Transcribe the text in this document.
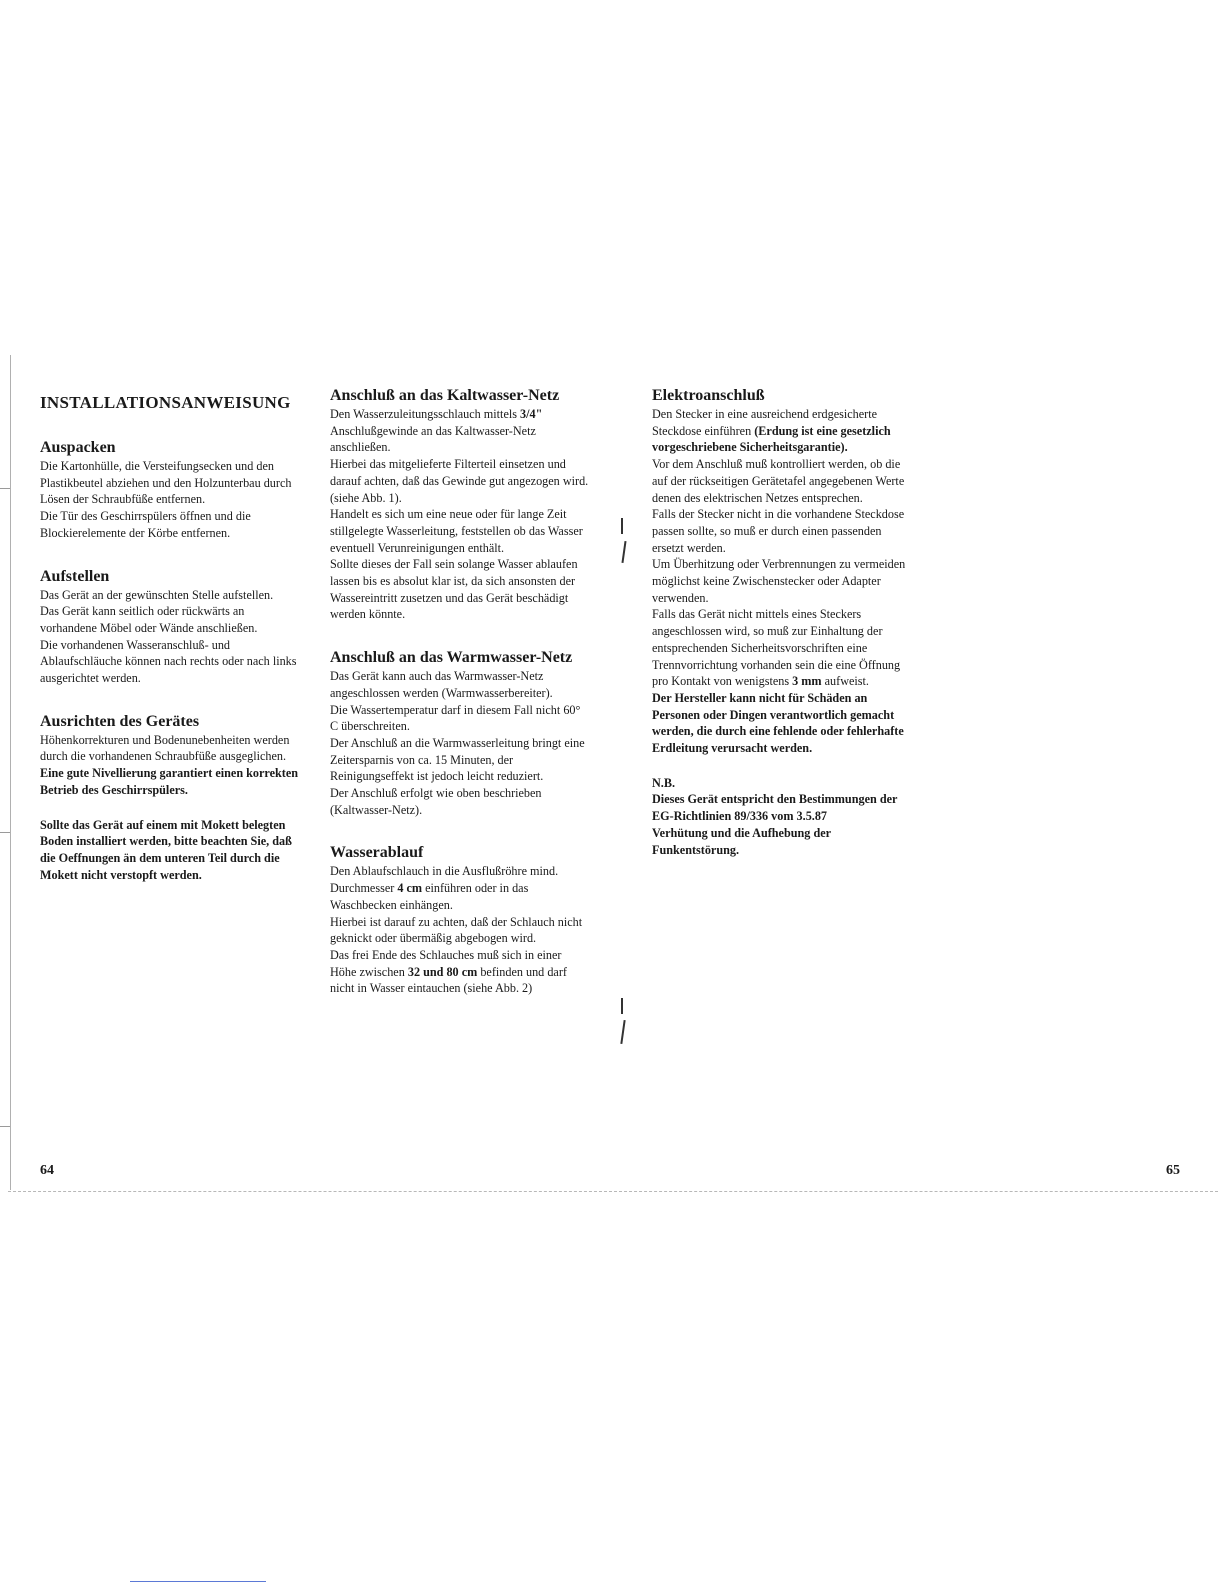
INSTALLATIONSANWEISUNG
Auspacken

Die Kartonhülle, die Versteifungsecken und den Plastikbeutel abziehen und den Holzunterbau durch Lösen der Schraubfüße entfernen.

Die Tür des Geschirrspülers öffnen und die Blockierelemente der Körbe entfernen.

Aufstellen

Das Gerät an der gewünschten Stelle aufstellen.

Das Gerät kann seitlich oder rückwärts an vorhandene Möbel oder Wände anschließen.

Die vorhandenen Wasseranschluß- und Ablaufschläuche können nach rechts oder nach links ausgerichtet werden.

Ausrichten des Gerätes

Höhenkorrekturen und Bodenunebenheiten werden durch die vorhandenen Schraubfüße ausgeglichen.

Eine gute Nivellierung garantiert einen korrekten Betrieb des Geschirrspülers.

Sollte das Gerät auf einem mit Mokett belegten Boden installiert werden, bitte beachten Sie, daß die Oeffnungen än dem unteren Teil durch die Mokett nicht verstopft werden.

Anschluß an das Kaltwasser-Netz

Den Wasserzuleitungsschlauch mittels 3/4" Anschlußgewinde an das Kaltwasser-Netz anschließen.

Hierbei das mitgelieferte Filterteil einsetzen und darauf achten, daß das Gewinde gut angezogen wird. (siehe Abb. 1).

Handelt es sich um eine neue oder für lange Zeit stillgelegte Wasserleitung, feststellen ob das Wasser eventuell Verunreinigungen enthält.

Sollte dieses der Fall sein solange Wasser ablaufen lassen bis es absolut klar ist, da sich ansonsten der Wassereintritt zusetzen und das Gerät beschädigt werden könnte.

Anschluß an das Warmwasser-Netz

Das Gerät kann auch das Warmwasser-Netz angeschlossen werden (Warmwasserbereiter).

Die Wassertemperatur darf in diesem Fall nicht 60° C überschreiten.

Der Anschluß an die Warmwasserleitung bringt eine Zeitersparnis von ca. 15 Minuten, der Reinigungseffekt ist jedoch leicht reduziert.

Der Anschluß erfolgt wie oben beschrieben (Kaltwasser-Netz).

Wasserablauf

Den Ablaufschlauch in die Ausflußröhre mind. Durchmesser 4 cm einführen oder in das Waschbecken einhängen.

Hierbei ist darauf zu achten, daß der Schlauch nicht geknickt oder übermäßig abgebogen wird.

Das frei Ende des Schlauches muß sich in einer Höhe zwischen 32 und 80 cm befinden und darf nicht in Wasser eintauchen (siehe Abb. 2)

Elektroanschluß

Den Stecker in eine ausreichend erdgesicherte Steckdose einführen (Erdung ist eine gesetzlich vorgeschriebene Sicherheitsgarantie).

Vor dem Anschluß muß kontrolliert werden, ob die auf der rückseitigen Gerätetafel angegebenen Werte denen des elektrischen Netzes entsprechen.

Falls der Stecker nicht in die vorhandene Steckdose passen sollte, so muß er durch einen passenden ersetzt werden.

Um Überhitzung oder Verbrennungen zu vermeiden möglichst keine Zwischenstecker oder Adapter verwenden.

Falls das Gerät nicht mittels eines Steckers angeschlossen wird, so muß zur Einhaltung der entsprechenden Sicherheitsvorschriften eine Trennvorrichtung vorhanden sein die eine Öffnung pro Kontakt von wenigstens 3 mm aufweist.

Der Hersteller kann nicht für Schäden an Personen oder Dingen verantwortlich gemacht werden, die durch eine fehlende oder fehlerhafte Erdleitung verursacht werden.

N.B.

Dieses Gerät entspricht den Bestimmungen der EG-Richtlinien 89/336 vom 3.5.87

Verhütung und die Aufhebung der Funkentstörung.

64	65
